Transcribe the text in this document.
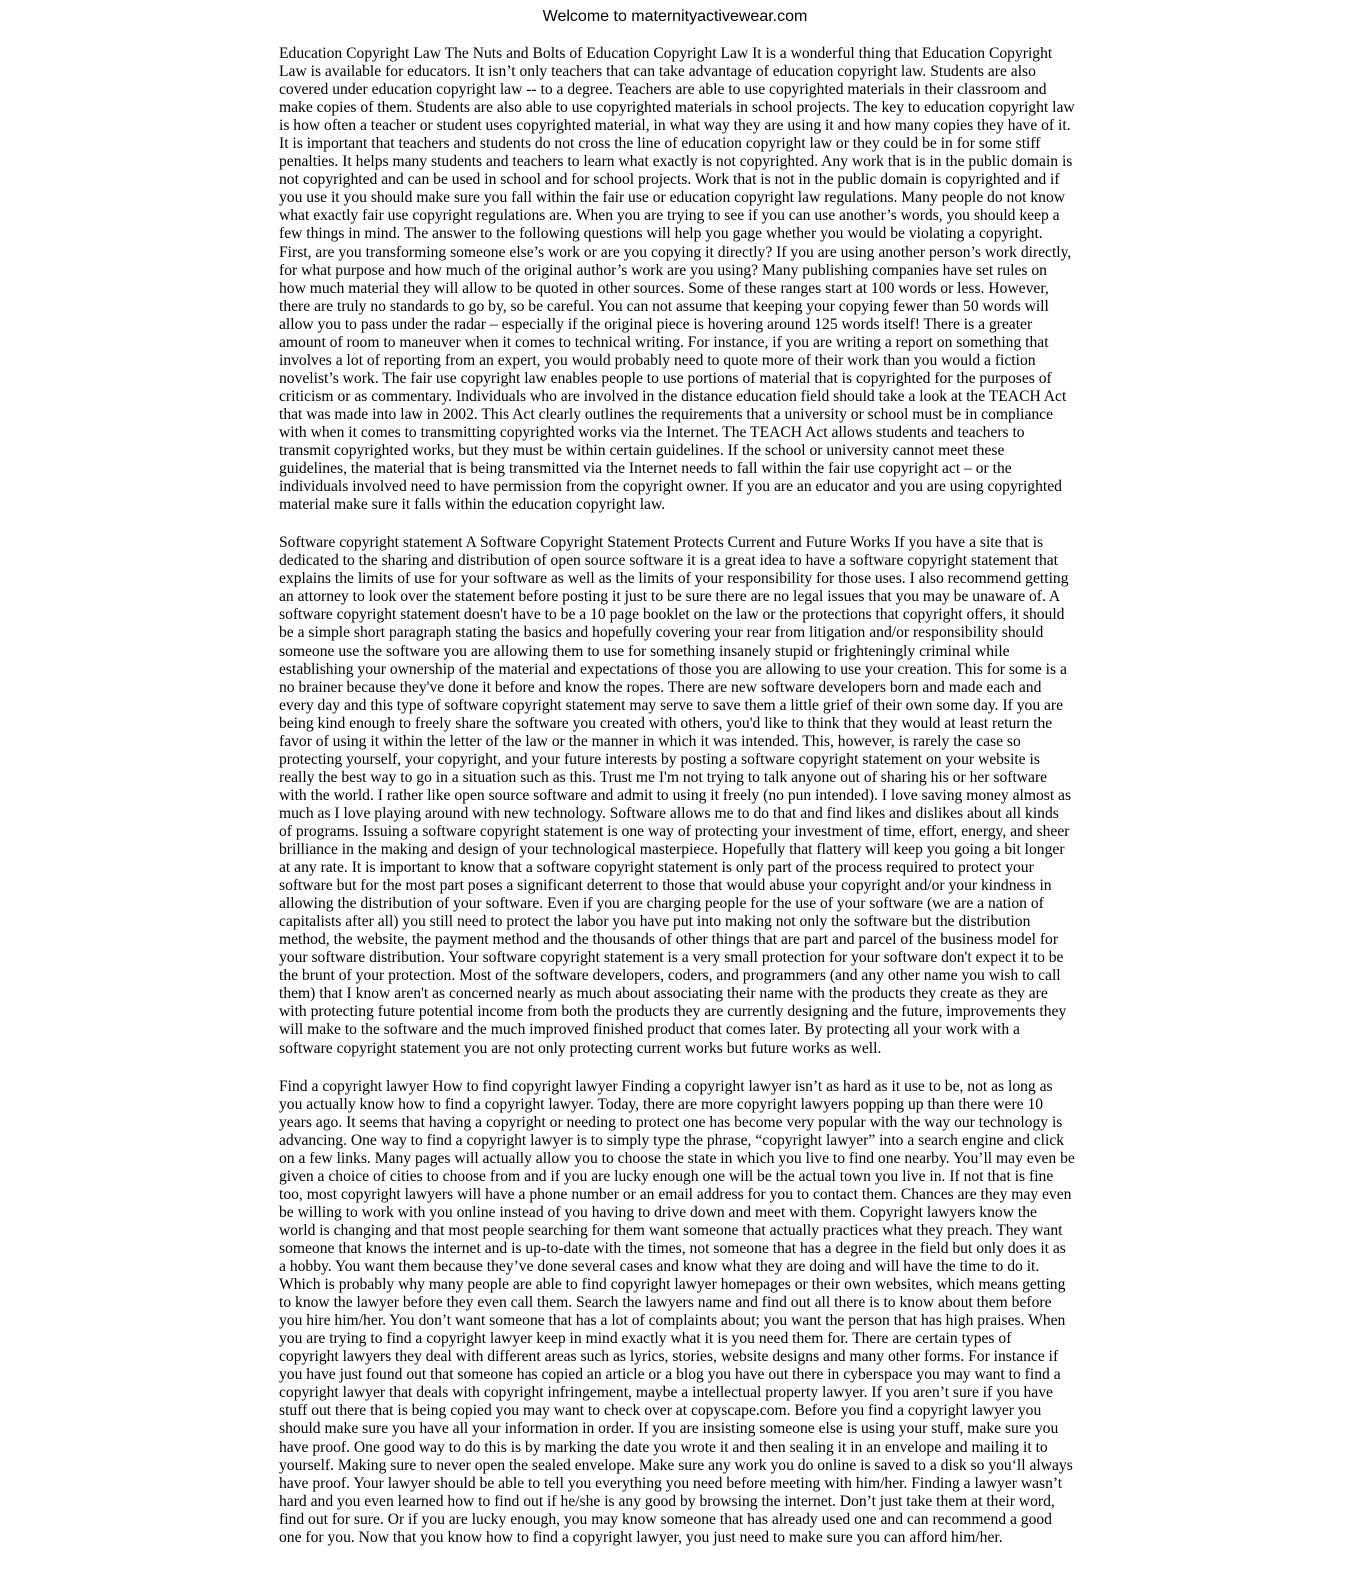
Welcome to maternityactivewear.com

Education Copyright Law The Nuts and Bolts of Education Copyright Law It is a wonderful thing that Education Copyright Law is available for educators. It isn’t only teachers that can take advantage of education copyright law. Students are also covered under education copyright law -- to a degree. Teachers are able to use copyrighted materials in their classroom and make copies of them. Students are also able to use copyrighted materials in school projects. The key to education copyright law is how often a teacher or student uses copyrighted material, in what way they are using it and how many copies they have of it. It is important that teachers and students do not cross the line of education copyright law or they could be in for some stiff penalties. It helps many students and teachers to learn what exactly is not copyrighted. Any work that is in the public domain is not copyrighted and can be used in school and for school projects. Work that is not in the public domain is copyrighted and if you use it you should make sure you fall within the fair use or education copyright law regulations. Many people do not know what exactly fair use copyright regulations are. When you are trying to see if you can use another’s words, you should keep a few things in mind. The answer to the following questions will help you gage whether you would be violating a copyright. First, are you transforming someone else’s work or are you copying it directly? If you are using another person’s work directly, for what purpose and how much of the original author’s work are you using? Many publishing companies have set rules on how much material they will allow to be quoted in other sources. Some of these ranges start at 100 words or less. However, there are truly no standards to go by, so be careful. You can not assume that keeping your copying fewer than 50 words will allow you to pass under the radar – especially if the original piece is hovering around 125 words itself! There is a greater amount of room to maneuver when it comes to technical writing. For instance, if you are writing a report on something that involves a lot of reporting from an expert, you would probably need to quote more of their work than you would a fiction novelist’s work. The fair use copyright law enables people to use portions of material that is copyrighted for the purposes of criticism or as commentary. Individuals who are involved in the distance education field should take a look at the TEACH Act that was made into law in 2002. This Act clearly outlines the requirements that a university or school must be in compliance with when it comes to transmitting copyrighted works via the Internet. The TEACH Act allows students and teachers to transmit copyrighted works, but they must be within certain guidelines. If the school or university cannot meet these guidelines, the material that is being transmitted via the Internet needs to fall within the fair use copyright act – or the individuals involved need to have permission from the copyright owner. If you are an educator and you are using copyrighted material make sure it falls within the education copyright law.

Software copyright statement A Software Copyright Statement Protects Current and Future Works If you have a site that is dedicated to the sharing and distribution of open source software it is a great idea to have a software copyright statement that explains the limits of use for your software as well as the limits of your responsibility for those uses. I also recommend getting an attorney to look over the statement before posting it just to be sure there are no legal issues that you may be unaware of. A software copyright statement doesn't have to be a 10 page booklet on the law or the protections that copyright offers, it should be a simple short paragraph stating the basics and hopefully covering your rear from litigation and/or responsibility should someone use the software you are allowing them to use for something insanely stupid or frighteningly criminal while establishing your ownership of the material and expectations of those you are allowing to use your creation. This for some is a no brainer because they've done it before and know the ropes. There are new software developers born and made each and every day and this type of software copyright statement may serve to save them a little grief of their own some day. If you are being kind enough to freely share the software you created with others, you'd like to think that they would at least return the favor of using it within the letter of the law or the manner in which it was intended. This, however, is rarely the case so protecting yourself, your copyright, and your future interests by posting a software copyright statement on your website is really the best way to go in a situation such as this. Trust me I'm not trying to talk anyone out of sharing his or her software with the world. I rather like open source software and admit to using it freely (no pun intended). I love saving money almost as much as I love playing around with new technology. Software allows me to do that and find likes and dislikes about all kinds of programs. Issuing a software copyright statement is one way of protecting your investment of time, effort, energy, and sheer brilliance in the making and design of your technological masterpiece. Hopefully that flattery will keep you going a bit longer at any rate. It is important to know that a software copyright statement is only part of the process required to protect your software but for the most part poses a significant deterrent to those that would abuse your copyright and/or your kindness in allowing the distribution of your software. Even if you are charging people for the use of your software (we are a nation of capitalists after all) you still need to protect the labor you have put into making not only the software but the distribution method, the website, the payment method and the thousands of other things that are part and parcel of the business model for your software distribution. Your software copyright statement is a very small protection for your software don't expect it to be the brunt of your protection. Most of the software developers, coders, and programmers (and any other name you wish to call them) that I know aren't as concerned nearly as much about associating their name with the products they create as they are with protecting future potential income from both the products they are currently designing and the future, improvements they will make to the software and the much improved finished product that comes later. By protecting all your work with a software copyright statement you are not only protecting current works but future works as well.

Find a copyright lawyer How to find copyright lawyer Finding a copyright lawyer isn’t as hard as it use to be, not as long as you actually know how to find a copyright lawyer. Today, there are more copyright lawyers popping up than there were 10 years ago. It seems that having a copyright or needing to protect one has become very popular with the way our technology is advancing. One way to find a copyright lawyer is to simply type the phrase, “copyright lawyer” into a search engine and click on a few links. Many pages will actually allow you to choose the state in which you live to find one nearby. You’ll may even be given a choice of cities to choose from and if you are lucky enough one will be the actual town you live in. If not that is fine too, most copyright lawyers will have a phone number or an email address for you to contact them. Chances are they may even be willing to work with you online instead of you having to drive down and meet with them. Copyright lawyers know the world is changing and that most people searching for them want someone that actually practices what they preach. They want someone that knows the internet and is up-to-date with the times, not someone that has a degree in the field but only does it as a hobby. You want them because they’ve done several cases and know what they are doing and will have the time to do it. Which is probably why many people are able to find copyright lawyer homepages or their own websites, which means getting to know the lawyer before they even call them. Search the lawyers name and find out all there is to know about them before you hire him/her. You don’t want someone that has a lot of complaints about; you want the person that has high praises. When you are trying to find a copyright lawyer keep in mind exactly what it is you need them for. There are certain types of copyright lawyers they deal with different areas such as lyrics, stories, website designs and many other forms. For instance if you have just found out that someone has copied an article or a blog you have out there in cyberspace you may want to find a copyright lawyer that deals with copyright infringement, maybe a intellectual property lawyer. If you aren’t sure if you have stuff out there that is being copied you may want to check over at copyscape.com. Before you find a copyright lawyer you should make sure you have all your information in order. If you are insisting someone else is using your stuff, make sure you have proof. One good way to do this is by marking the date you wrote it and then sealing it in an envelope and mailing it to yourself. Making sure to never open the sealed envelope. Make sure any work you do online is saved to a disk so you‘ll always have proof. Your lawyer should be able to tell you everything you need before meeting with him/her. Finding a lawyer wasn’t hard and you even learned how to find out if he/she is any good by browsing the internet. Don’t just take them at their word, find out for sure. Or if you are lucky enough, you may know someone that has already used one and can recommend a good one for you. Now that you know how to find a copyright lawyer, you just need to make sure you can afford him/her.
